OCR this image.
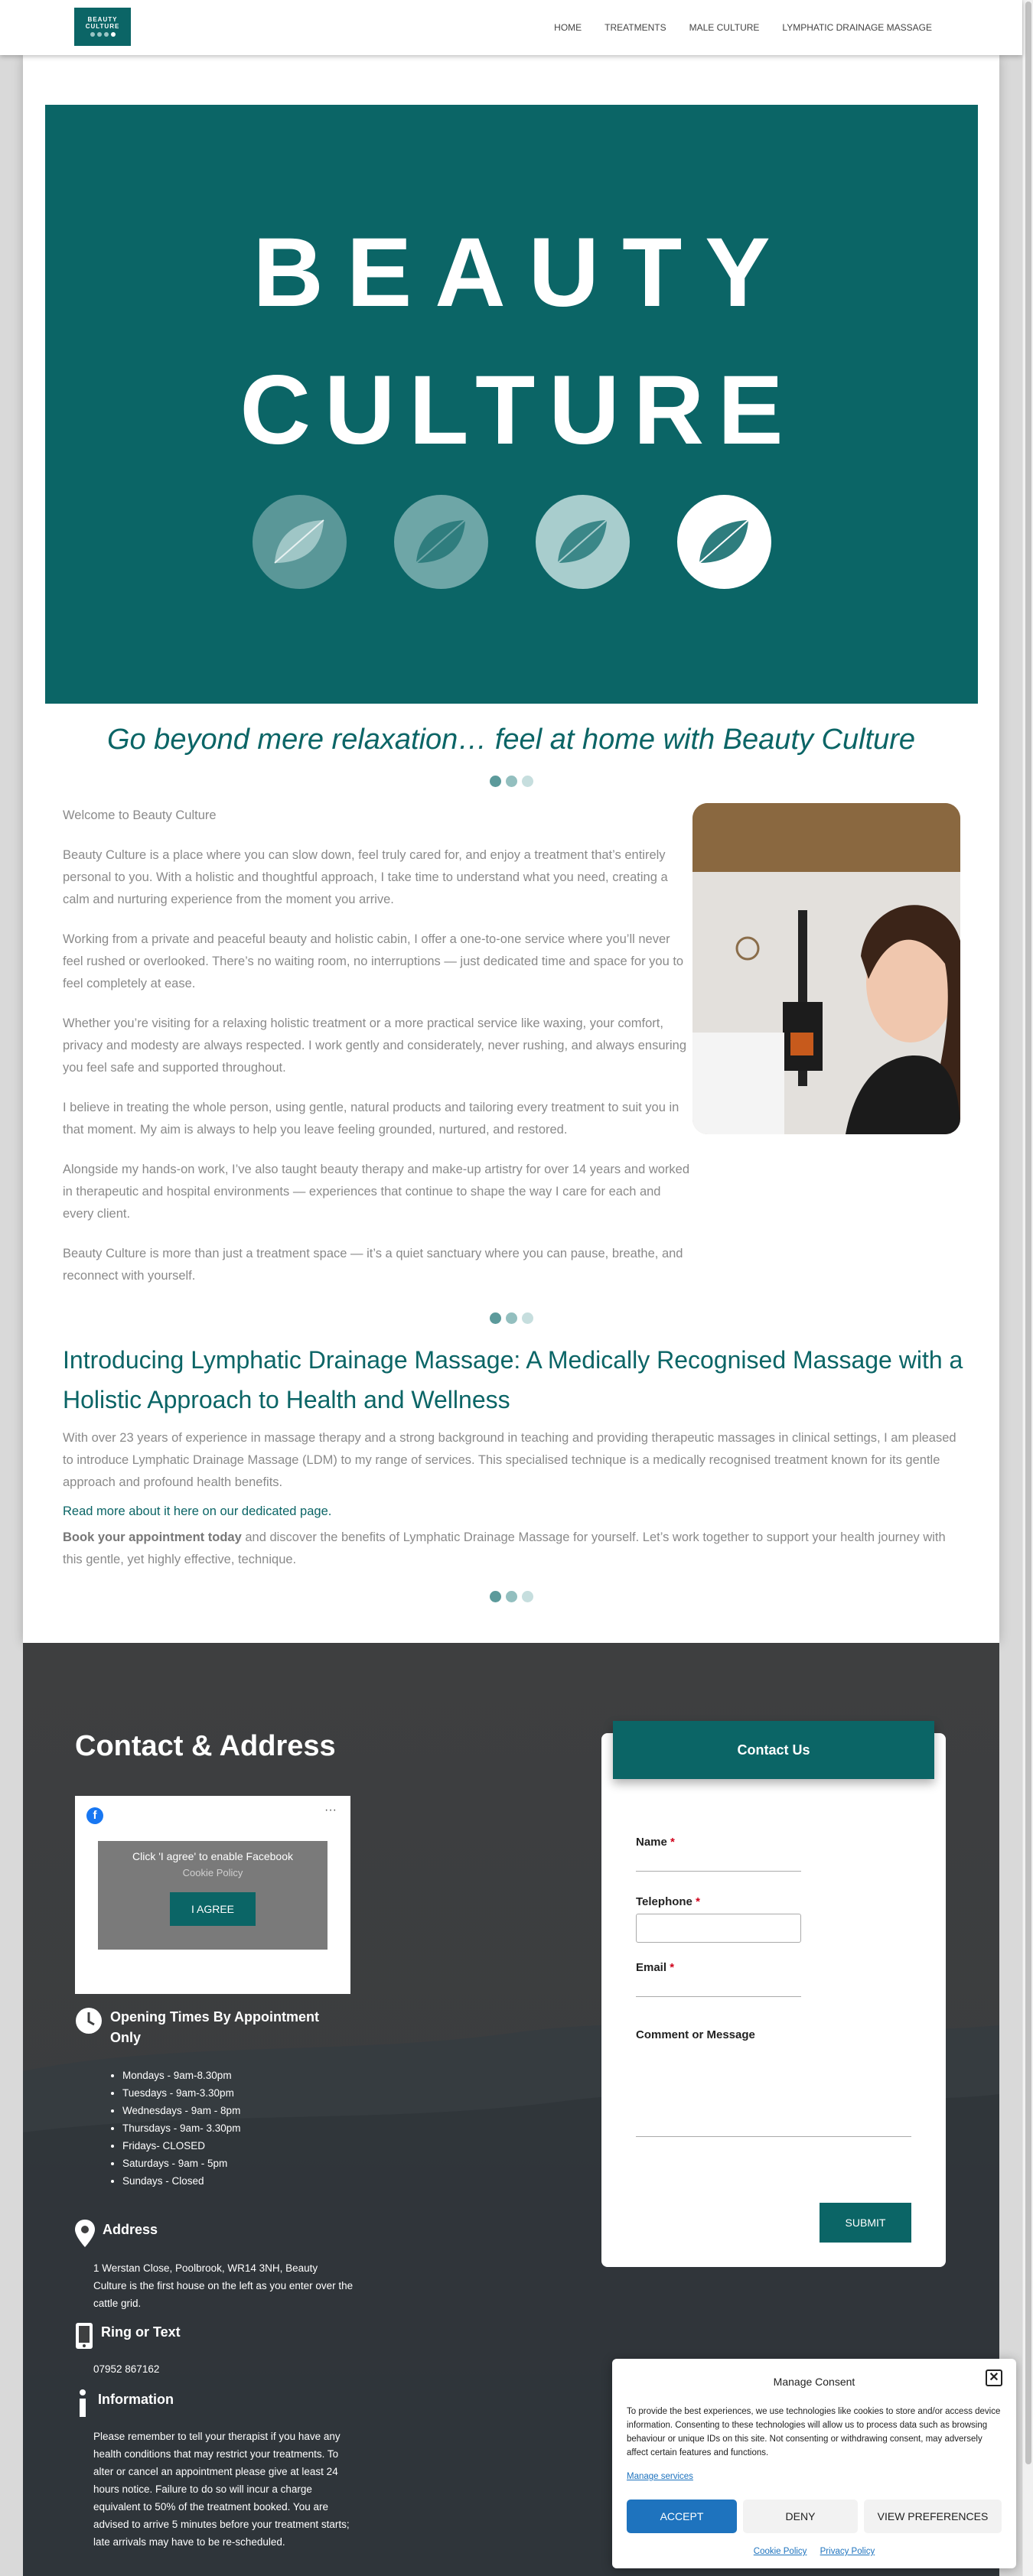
BEAUTY
CULTURE	HOME	TREATMENTS	MALE CULTURE	LYMPHATIC DRAINAGE MASSAGE
BEAUTY
CULTURE
Go beyond mere relaxation… feel at home with Beauty Culture

Welcome to Beauty Culture

Beauty Culture is a place where you can slow down, feel truly cared for, and enjoy a treatment that’s entirely personal to you. With a holistic and thoughtful approach, I take time to understand what you need, creating a calm and nurturing experience from the moment you arrive.

Working from a private and peaceful beauty and holistic cabin, I offer a one-to-one service where you’ll never feel rushed or overlooked. There’s no waiting room, no interruptions — just dedicated time and space for you to feel completely at ease.

Whether you’re visiting for a relaxing holistic treatment or a more practical service like waxing, your comfort, privacy and modesty are always respected. I work gently and considerately, never rushing, and always ensuring you feel safe and supported throughout.

I believe in treating the whole person, using gentle, natural products and tailoring every treatment to suit you in that moment. My aim is always to help you leave feeling grounded, nurtured, and restored.

Alongside my hands-on work, I’ve also taught beauty therapy and make-up artistry for over 14 years and worked in therapeutic and hospital environments — experiences that continue to shape the way I care for each and every client.

Beauty Culture is more than just a treatment space — it’s a quiet sanctuary where you can pause, breathe, and reconnect with yourself.

Introducing Lymphatic Drainage Massage: A Medically Recognised Massage with a Holistic Approach to Health and Wellness

With over 23 years of experience in massage therapy and a strong background in teaching and providing therapeutic massages in clinical settings, I am pleased to introduce Lymphatic Drainage Massage (LDM) to my range of services. This specialised technique is a medically recognised treatment known for its gentle approach and profound health benefits.

Read more about it here on our dedicated page.

Book your appointment today and discover the benefits of Lymphatic Drainage Massage for yourself. Let’s work together to support your health journey with this gentle, yet highly effective, technique.

Contact & Address
f	···
Click 'I agree' to enable Facebook
Cookie Policy
I AGREE
Opening Times By Appointment Only
• Mondays - 9am-8.30pm
• Tuesdays - 9am-3.30pm
• Wednesdays - 9am - 8pm
• Thursdays - 9am- 3.30pm
• Fridays- CLOSED
• Saturdays - 9am - 5pm
• Sundays - Closed
Address
1 Werstan Close, Poolbrook, WR14 3NH, Beauty Culture is the first house on the left as you enter over the cattle grid.
Ring or Text
07952 867162
Information
Please remember to tell your therapist if you have any health conditions that may restrict your treatments. To alter or cancel an appointment please give at least 24 hours notice. Failure to do so will incur a charge equivalent to 50% of the treatment booked. You are advised to arrive 5 minutes before your treatment starts; late arrivals may have to be re-scheduled.
Contact Us
Name *
Telephone *
Email *
Comment or Message
SUBMIT
Manage Consent	✕
To provide the best experiences, we use technologies like cookies to store and/or access device information. Consenting to these technologies will allow us to process data such as browsing behaviour or unique IDs on this site. Not consenting or withdrawing consent, may adversely affect certain features and functions.
Manage services
ACCEPT	DENY	VIEW PREFERENCES
Cookie Policy Privacy Policy
